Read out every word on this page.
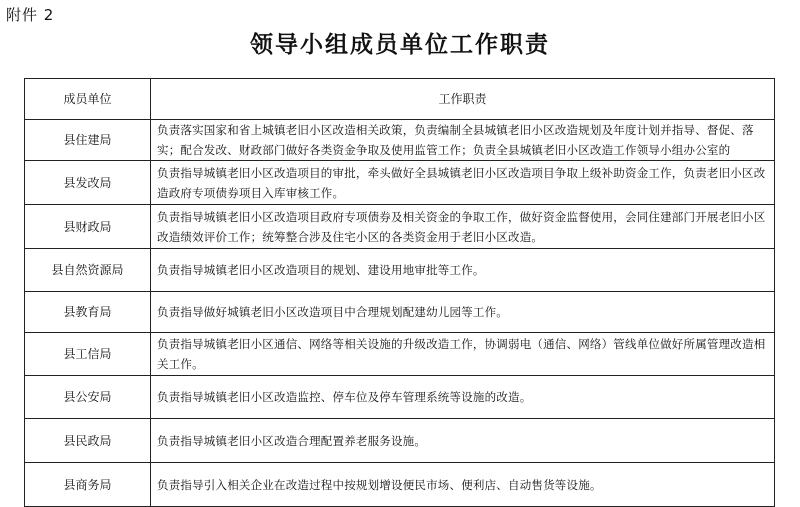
附件 2
领导小组成员单位工作职责
成员单位	工作职责
县住建局	负责落实国家和省上城镇老旧小区改造相关政策，负责编制全县城镇老旧小区改造规划及年度计划并指导、督促、落实；配合发改、财政部门做好各类资金争取及使用监管工作；负责全县城镇老旧小区改造工作领导小组办公室的
县发改局	负责指导城镇老旧小区改造项目的审批，牵头做好全县城镇老旧小区改造项目争取上级补助资金工作，负责老旧小区改造政府专项债券项目入库审核工作。
县财政局	负责指导城镇老旧小区改造项目政府专项债券及相关资金的争取工作，做好资金监督使用，会同住建部门开展老旧小区改造绩效评价工作；统筹整合涉及住宅小区的各类资金用于老旧小区改造。
县自然资源局	负责指导城镇老旧小区改造项目的规划、建设用地审批等工作。
县教育局	负责指导做好城镇老旧小区改造项目中合理规划配建幼儿园等工作。
县工信局	负责指导城镇老旧小区通信、网络等相关设施的升级改造工作，协调弱电（通信、网络）管线单位做好所属管理改造相关工作。
县公安局	负责指导城镇老旧小区改造监控、停车位及停车管理系统等设施的改造。
县民政局	负责指导城镇老旧小区改造合理配置养老服务设施。
县商务局	负责指导引入相关企业在改造过程中按规划增设便民市场、便利店、自动售货等设施。
